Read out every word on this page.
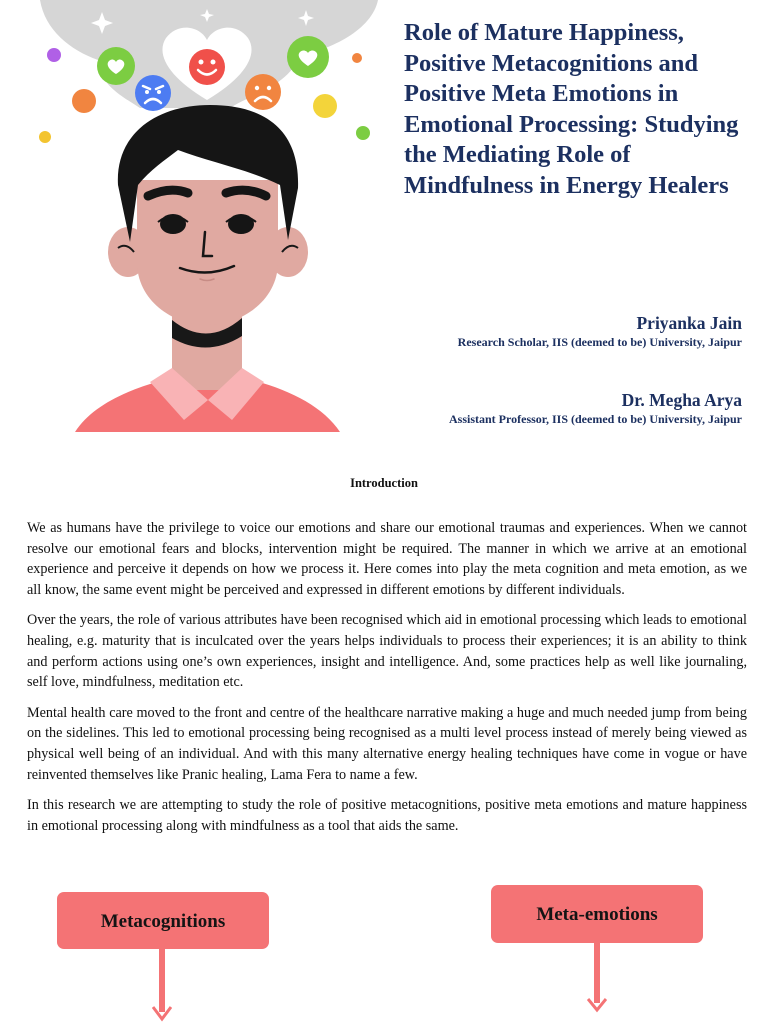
Role of Mature Happiness, Positive Metacognitions and Positive Meta Emotions in Emotional Processing: Studying the Mediating Role of Mindfulness in Energy Healers
Priyanka Jain
Research Scholar, IIS (deemed to be) University, Jaipur
Dr. Megha Arya
Assistant Professor, IIS (deemed to be) University, Jaipur
Introduction

We as humans have the privilege to voice our emotions and share our emotional traumas and experiences. When we cannot resolve our emotional fears and blocks, intervention might be required. The manner in which we arrive at an emotional experience and perceive it depends on how we process it. Here comes into play the meta cognition and meta emotion, as we all know, the same event might be perceived and expressed in different emotions by different individuals.

Over the years, the role of various attributes have been recognised which aid in emotional processing which leads to emotional healing, e.g. maturity that is inculcated over the years helps individuals to process their experiences; it is an ability to think and perform actions using one’s own experiences, insight and intelligence. And, some practices help as well like journaling, self love, mindfulness, meditation etc.

Mental health care moved to the front and centre of the healthcare narrative making a huge and much needed jump from being on the sidelines. This led to emotional processing being recognised as a multi level process instead of merely being viewed as physical well being of an individual. And with this many alternative energy healing techniques have come in vogue or have reinvented themselves like Pranic healing, Lama Fera to name a few.

In this research we are attempting to study the role of positive metacognitions, positive meta emotions and mature happiness in emotional processing along with mindfulness as a tool that aids the same.

Metacognitions	Meta-emotions
